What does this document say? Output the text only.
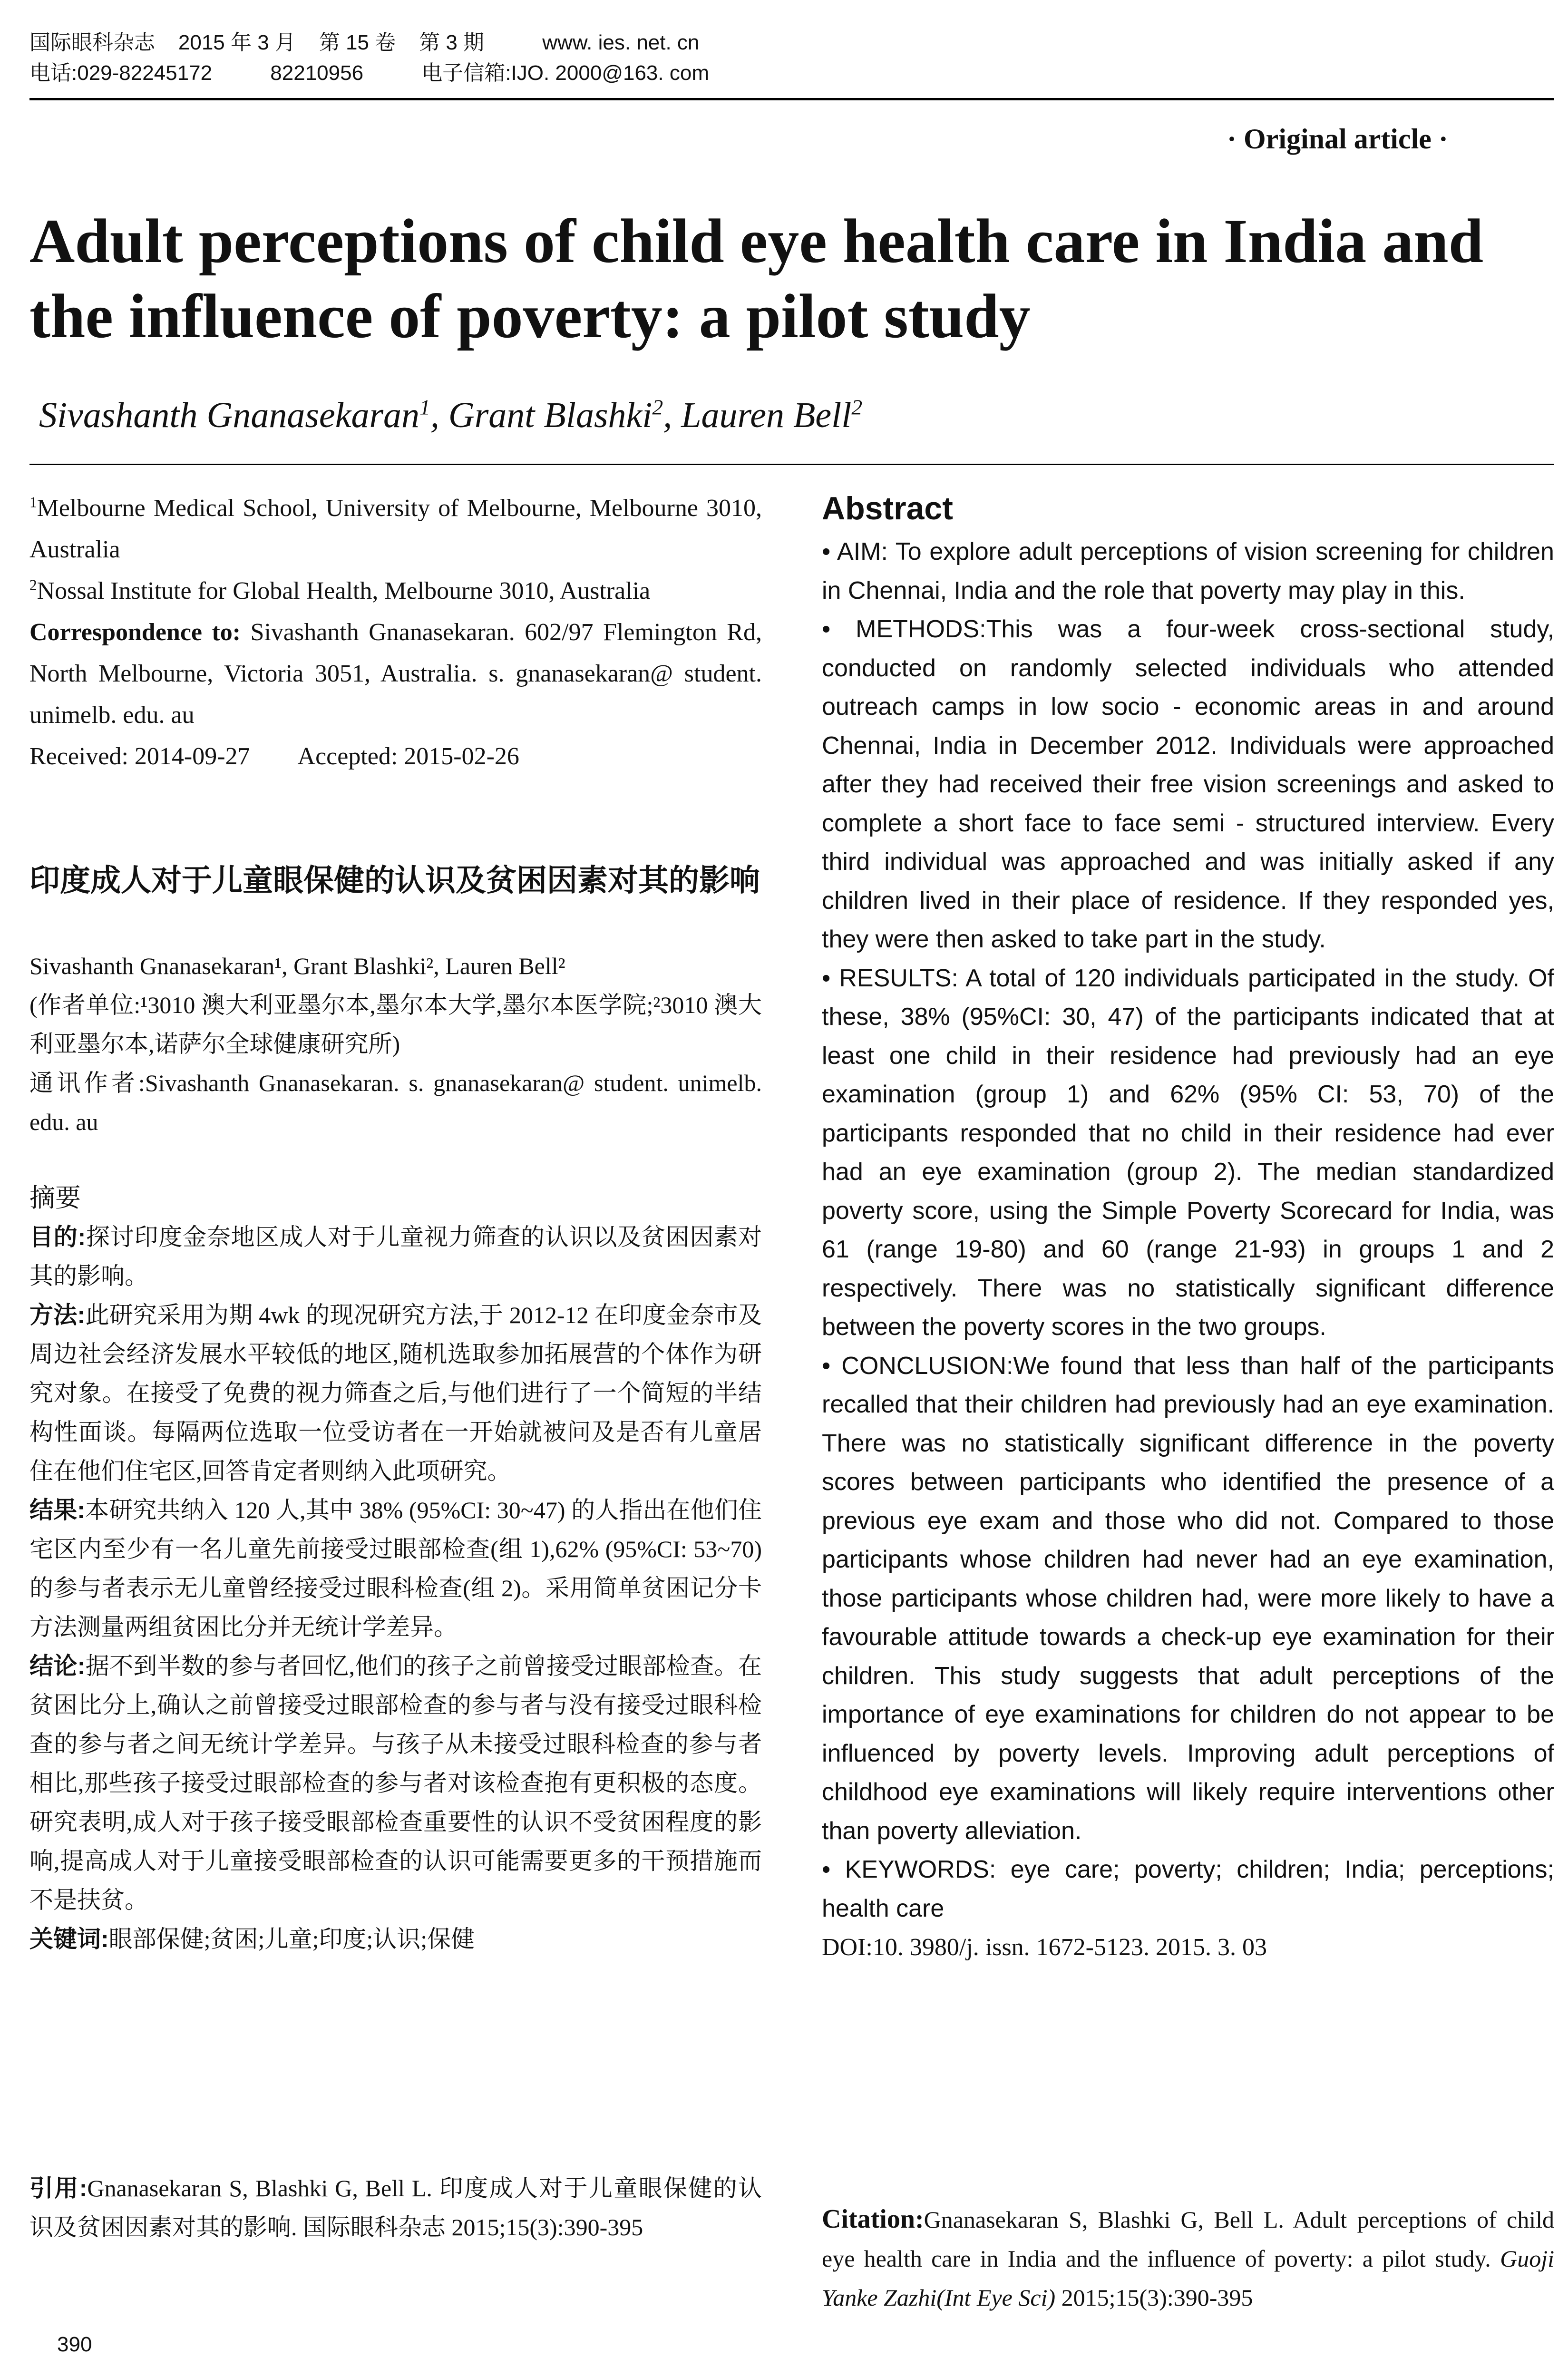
国际眼科杂志    2015 年 3 月    第 15 卷    第 3 期          www. ies. net. cn
电话:029-82245172          82210956          电子信箱:IJO. 2000@163. com
· Original article ·
Adult perceptions of child eye health care in India and
the influence of poverty: a pilot study
Sivashanth Gnanasekaran$^1$, Grant Blashki$^2$, Lauren Bell$^2$

$^1$Melbourne Medical School, University of Melbourne, Melbourne 3010, Australia

$^2$Nossal Institute for Global Health, Melbourne 3010, Australia

Correspondence to: Sivashanth Gnanasekaran. 602/97 Flemington Rd, North Melbourne, Victoria 3051, Australia. s. gnanasekaran@ student. unimelb. edu. au

Received: 2014-09-27 Accepted: 2015-02-26

印度成人对于儿童眼保健的认识及贫困因素对其的影响

Sivashanth Gnanasekaran¹, Grant Blashki², Lauren Bell²

(作者单位:¹3010 澳大利亚墨尔本,墨尔本大学,墨尔本医学院;²3010 澳大利亚墨尔本,诺萨尔全球健康研究所)

通讯作者:Sivashanth Gnanasekaran. s. gnanasekaran@ student. unimelb. edu. au

摘要

目的:探讨印度金奈地区成人对于儿童视力筛查的认识以及贫困因素对其的影响。

方法:此研究采用为期 4wk 的现况研究方法,于 2012-12 在印度金奈市及周边社会经济发展水平较低的地区,随机选取参加拓展营的个体作为研究对象。在接受了免费的视力筛查之后,与他们进行了一个简短的半结构性面谈。每隔两位选取一位受访者在一开始就被问及是否有儿童居住在他们住宅区,回答肯定者则纳入此项研究。

结果:本研究共纳入 120 人,其中 38% (95%CI: 30~47) 的人指出在他们住宅区内至少有一名儿童先前接受过眼部检查(组 1),62% (95%CI: 53~70) 的参与者表示无儿童曾经接受过眼科检查(组 2)。采用简单贫困记分卡方法测量两组贫困比分并无统计学差异。

结论:据不到半数的参与者回忆,他们的孩子之前曾接受过眼部检查。在贫困比分上,确认之前曾接受过眼部检查的参与者与没有接受过眼科检查的参与者之间无统计学差异。与孩子从未接受过眼科检查的参与者相比,那些孩子接受过眼部检查的参与者对该检查抱有更积极的态度。研究表明,成人对于孩子接受眼部检查重要性的认识不受贫困程度的影响,提高成人对于儿童接受眼部检查的认识可能需要更多的干预措施而不是扶贫。

关键词:眼部保健;贫困;儿童;印度;认识;保健

引用:Gnanasekaran S, Blashki G, Bell L. 印度成人对于儿童眼保健的认识及贫困因素对其的影响. 国际眼科杂志 2015;15(3):390-395

Abstract

• AIM: To explore adult perceptions of vision screening for children in Chennai, India and the role that poverty may play in this.

• METHODS:This was a four-week cross-sectional study, conducted on randomly selected individuals who attended outreach camps in low socio - economic areas in and around Chennai, India in December 2012. Individuals were approached after they had received their free vision screenings and asked to complete a short face to face semi - structured interview. Every third individual was approached and was initially asked if any children lived in their place of residence. If they responded yes, they were then asked to take part in the study.

• RESULTS: A total of 120 individuals participated in the study. Of these, 38% (95%CI: 30, 47) of the participants indicated that at least one child in their residence had previously had an eye examination (group 1) and 62% (95% CI: 53, 70) of the participants responded that no child in their residence had ever had an eye examination (group 2). The median standardized poverty score, using the Simple Poverty Scorecard for India, was 61 (range 19-80) and 60 (range 21-93) in groups 1 and 2 respectively. There was no statistically significant difference between the poverty scores in the two groups.

• CONCLUSION:We found that less than half of the participants recalled that their children had previously had an eye examination. There was no statistically significant difference in the poverty scores between participants who identified the presence of a previous eye exam and those who did not. Compared to those participants whose children had never had an eye examination, those participants whose children had, were more likely to have a favourable attitude towards a check-up eye examination for their children. This study suggests that adult perceptions of the importance of eye examinations for children do not appear to be influenced by poverty levels. Improving adult perceptions of childhood eye examinations will likely require interventions other than poverty alleviation.

• KEYWORDS: eye care; poverty; children; India; perceptions; health care

DOI:10. 3980/j. issn. 1672-5123. 2015. 3. 03

Citation:Gnanasekaran S, Blashki G, Bell L. Adult perceptions of child eye health care in India and the influence of poverty: a pilot study. Guoji Yanke Zazhi(Int Eye Sci) 2015;15(3):390-395
390
